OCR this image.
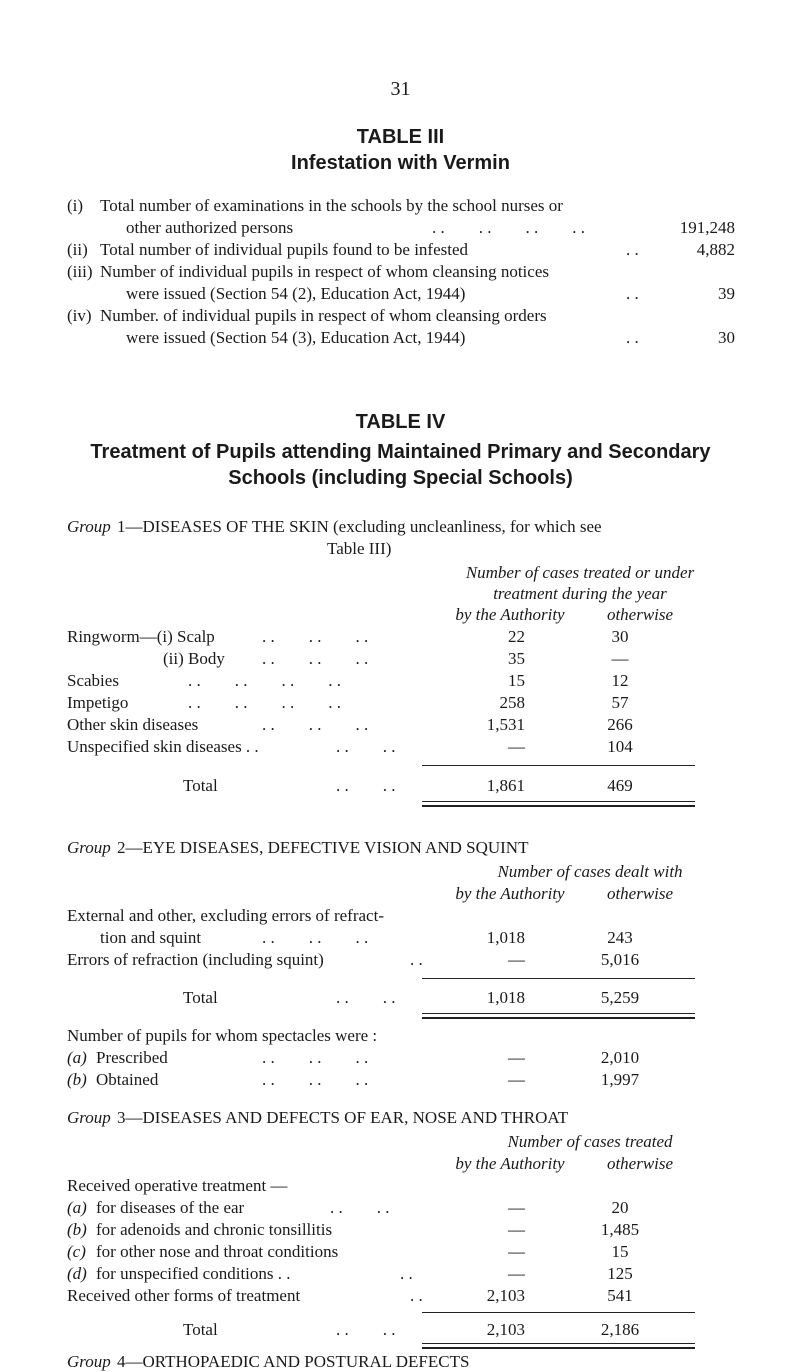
31
TABLE III
Infestation with Vermin
(i) Total number of examinations in the schools by the school nurses or
other authorized persons	. .        . .        . .        . .	191,248
(ii) Total number of individual pupils found to be infested	. .	4,882
(iii) Number of individual pupils in respect of whom cleansing notices
were issued (Section 54 (2), Education Act, 1944)	. .	39
(iv) Number. of individual pupils in respect of whom cleansing orders
were issued (Section 54 (3), Education Act, 1944)	. .	30
TABLE IV
Treatment of Pupils attending Maintained Primary and Secondary
Schools (including Special Schools)
Group 1—DISEASES OF THE SKIN (excluding uncleanliness, for which see
Table III)
Number of cases treated or under
treatment during the year
by the Authority	otherwise
Ringworm—(i) Scalp	. .        . .        . .	22	30
(ii) Body . .        . .        . .	35	—
Scabies	. .        . .        . .        . .	15	12
Impetigo	. .        . .        . .        . .	258	57
Other skin diseases	. .        . .        . .	1,531	266
Unspecified skin diseases . .	. .        . .	—	104
Total	. .        . .	1,861	469
Group 2—EYE DISEASES, DEFECTIVE VISION AND SQUINT
Number of cases dealt with
by the Authority	otherwise
External and other, excluding errors of refract-
tion and squint	. .        . .        . .	1,018	243
Errors of refraction (including squint)	. .	—	5,016
Total	. .        . .	1,018	5,259
Number of pupils for whom spectacles were :
(a) Prescribed	. .        . .        . .	—	2,010
(b) Obtained	. .        . .        . .	—	1,997
Group 3—DISEASES AND DEFECTS OF EAR, NOSE AND THROAT
Number of cases treated
by the Authority	otherwise
Received operative treatment —
(a) for diseases of the ear	. .        . .	—	20
(b) for adenoids and chronic tonsillitis	—	1,485
(c) for other nose and throat conditions	—	15
(d) for unspecified conditions . .	. .	—	125
Received other forms of treatment	. .	2,103	541
Total	. .        . .	2,103	2,186
Group 4—ORTHOPAEDIC AND POSTURAL DEFECTS
